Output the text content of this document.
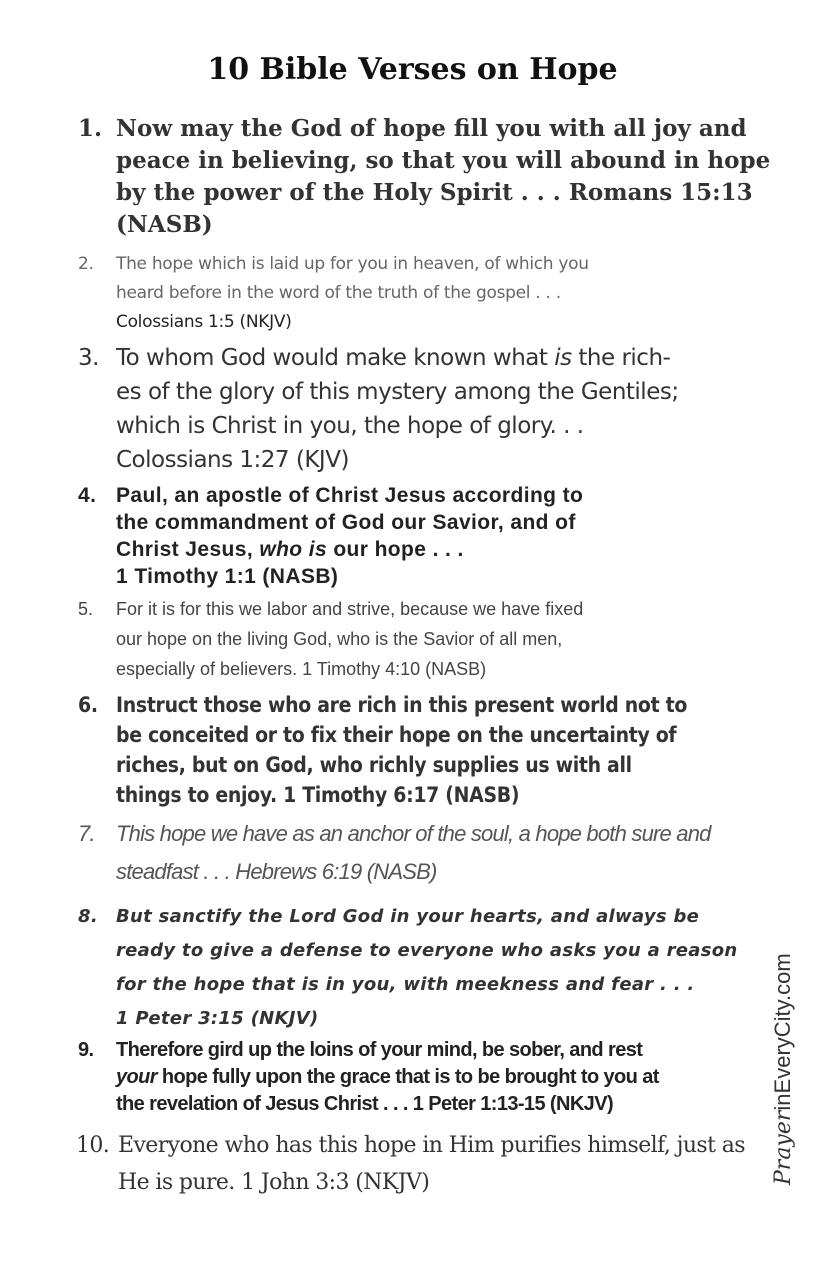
10 Bible Verses on Hope
1. Now may the God of hope fill you with all joy and
peace in believing, so that you will abound in hope
by the power of the Holy Spirit . . . Romans 15:13
(NASB)
2. The hope which is laid up for you in heaven, of which you
heard before in the word of the truth of the gospel . . .
Colossians 1:5 (NKJV)
3. To whom God would make known what is the rich-
es of the glory of this mystery among the Gentiles;
which is Christ in you, the hope of glory. . .
Colossians 1:27 (KJV)
4. Paul, an apostle of Christ Jesus according to
the commandment of God our Savior, and of
Christ Jesus, who is our hope . . .
1 Timothy 1:1 (NASB)
5. For it is for this we labor and strive, because we have fixed
our hope on the living God, who is the Savior of all men,
especially of believers. 1 Timothy 4:10 (NASB)
6. Instruct those who are rich in this present world not to
be conceited or to fix their hope on the uncertainty of
riches, but on God, who richly supplies us with all
things to enjoy. 1 Timothy 6:17 (NASB)
7. This hope we have as an anchor of the soul, a hope both sure and
steadfast . . . Hebrews 6:19 (NASB)
8. But sanctify the Lord God in your hearts, and always be
ready to give a defense to everyone who asks you a reason
for the hope that is in you, with meekness and fear . . .
1 Peter 3:15 (NKJV)
9. Therefore gird up the loins of your mind, be sober, and rest
your hope fully upon the grace that is to be brought to you at
the revelation of Jesus Christ . . . 1 Peter 1:13-15 (NKJV)
10. Everyone who has this hope in Him purifies himself, just as
He is pure. 1 John 3:3 (NKJV)	PrayerinEveryCity.com
